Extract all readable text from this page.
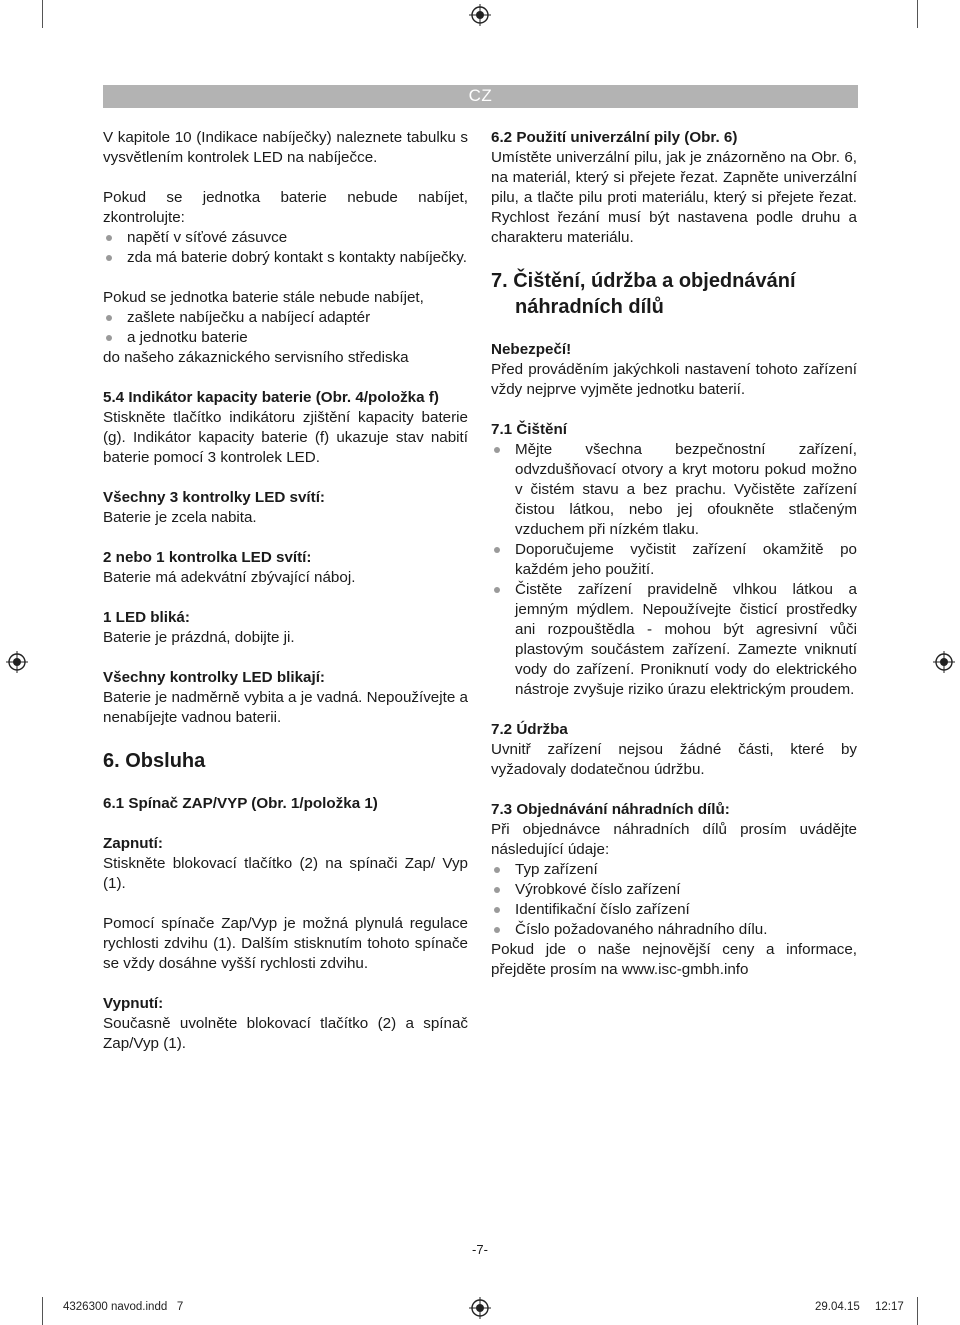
CZ

V kapitole 10 (Indikace nabíječky) naleznete tabulku s vysvětlením kontrolek LED na nabíječce.

Pokud se jednotka baterie nebude nabíjet, zkontrolujte:

napětí v síťové zásuvce
zda má baterie dobrý kontakt s kontakty nabíječky.

Pokud se jednotka baterie stále nebude nabíjet,

zašlete nabíječku a nabíjecí adaptér
a jednotku baterie

do našeho zákaznického servisního střediska

5.4 Indikátor kapacity baterie (Obr. 4/položka f)

Stiskněte tlačítko indikátoru zjištění kapacity baterie (g). Indikátor kapacity baterie (f) ukazuje stav nabití baterie pomocí 3 kontrolek LED.

Všechny 3 kontrolky LED svítí:

Baterie je zcela nabita.

2 nebo 1 kontrolka LED svítí:

Baterie má adekvátní zbývající náboj.

1 LED bliká:

Baterie je prázdná, dobijte ji.

Všechny kontrolky LED blikají:

Baterie je nadměrně vybita a je vadná. Nepoužívejte a nenabíjejte vadnou baterii.

6. Obsluha

6.1 Spínač ZAP/VYP (Obr. 1/položka 1)

Zapnutí:

Stiskněte blokovací tlačítko (2) na spínači Zap/ Vyp (1).

Pomocí spínače Zap/Vyp je možná plynulá regulace rychlosti zdvihu (1). Dalším stisknutím tohoto spínače se vždy dosáhne vyšší rychlosti zdvihu.

Vypnutí:

Současně uvolněte blokovací tlačítko (2) a spínač Zap/Vyp (1).

6.2 Použití univerzální pily (Obr. 6)

Umístěte univerzální pilu, jak je znázorněno na Obr. 6, na materiál, který si přejete řezat. Zapněte univerzální pilu, a tlačte pilu proti materiálu, který si přejete řezat. Rychlost řezání musí být nastavena podle druhu a charakteru materiálu.

7. Čištění, údržba a objednávání
náhradních dílů

Nebezpečí!

Před prováděním jakýchkoli nastavení tohoto zařízení vždy nejprve vyjměte jednotku baterií.

7.1 Čištění

Mějte všechna bezpečnostní zařízení, odvzdušňovací otvory a kryt motoru pokud možno v čistém stavu a bez prachu. Vyčistěte zařízení čistou látkou, nebo jej ofoukněte stlačeným vzduchem při nízkém tlaku.
Doporučujeme vyčistit zařízení okamžitě po každém jeho použití.
Čistěte zařízení pravidelně vlhkou látkou a jemným mýdlem. Nepoužívejte čisticí prostředky ani rozpouštědla - mohou být agresivní vůči plastovým součástem zařízení. Zamezte vniknutí vody do zařízení. Proniknutí vody do elektrického nástroje zvyšuje riziko úrazu elektrickým proudem.

7.2 Údržba

Uvnitř zařízení nejsou žádné části, které by vyžadovaly dodatečnou údržbu.

7.3 Objednávání náhradních dílů:

Při objednávce náhradních dílů prosím uvádějte následující údaje:

Typ zařízení
Výrobkové číslo zařízení
Identifikační číslo zařízení
Číslo požadovaného náhradního dílu.

Pokud jde o naše nejnovější ceny a informace, přejděte prosím na www.isc-gmbh.info

-7-
4326300 navod.indd   7	29.04.15 12:17
